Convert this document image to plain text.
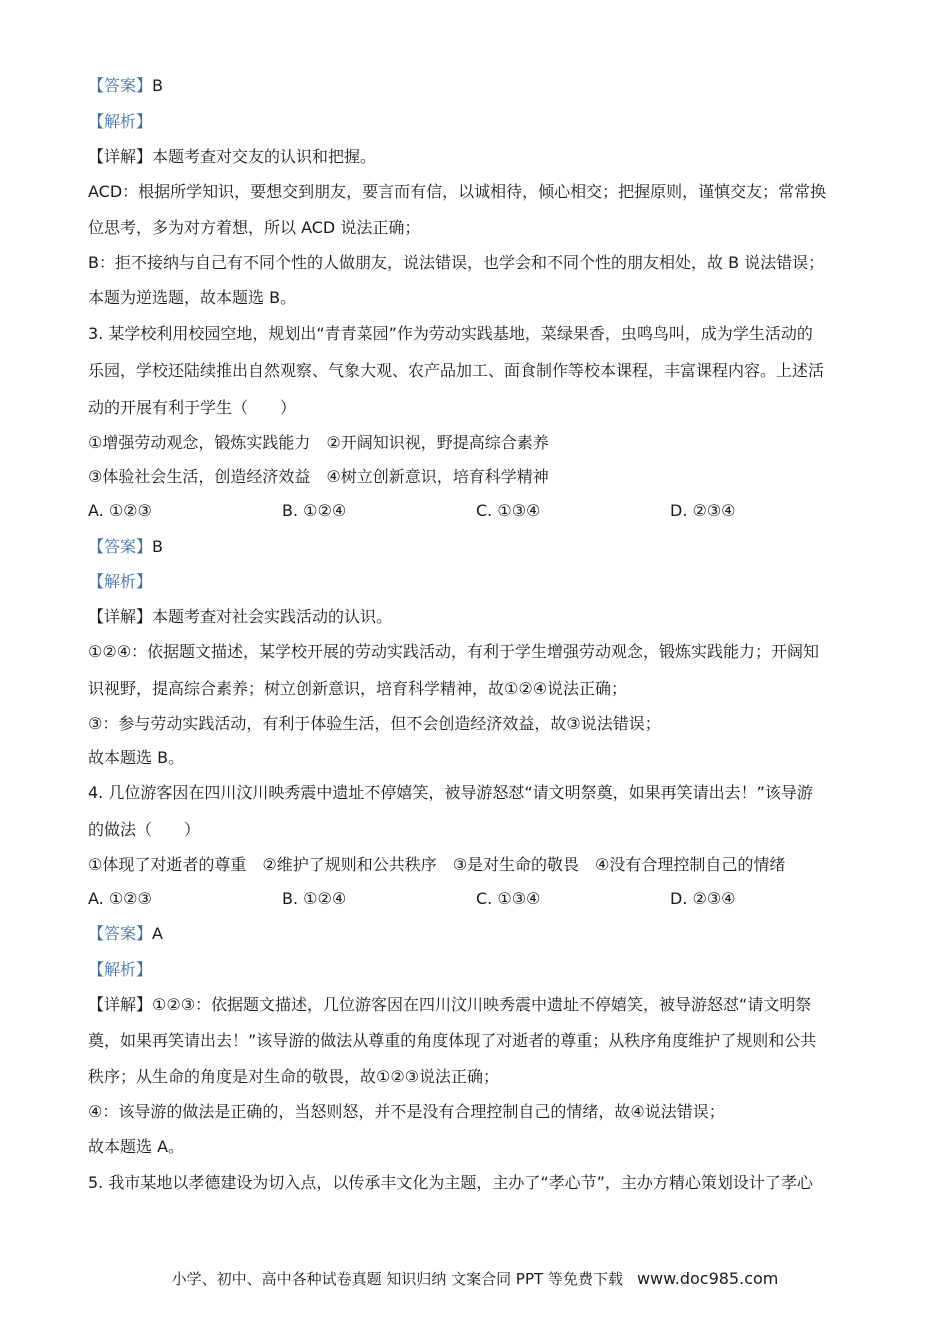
【答案】B
【解析】
【详解】本题考查对交友的认识和把握。
ACD：根据所学知识，要想交到朋友，要言而有信，以诚相待，倾心相交；把握原则，谨慎交友；常常换
位思考，多为对方着想，所以 ACD 说法正确；
B：拒不接纳与自己有不同个性的人做朋友，说法错误，也学会和不同个性的朋友相处，故 B 说法错误；
本题为逆选题，故本题选 B。
3. 某学校利用校园空地，规划出“青青菜园”作为劳动实践基地，菜绿果香，虫鸣鸟叫，成为学生活动的
乐园，学校还陆续推出自然观察、气象大观、农产品加工、面食制作等校本课程，丰富课程内容。上述活
动的开展有利于学生（　　）
①增强劳动观念，锻炼实践能力　②开阔知识视，野提高综合素养
③体验社会生活，创造经济效益　④树立创新意识，培育科学精神
A. ①②③	B. ①②④	C. ①③④	D. ②③④
【答案】B
【解析】
【详解】本题考查对社会实践活动的认识。
①②④：依据题文描述，某学校开展的劳动实践活动，有利于学生增强劳动观念，锻炼实践能力；开阔知
识视野，提高综合素养；树立创新意识，培育科学精神，故①②④说法正确；
③：参与劳动实践活动，有利于体验生活，但不会创造经济效益，故③说法错误；
故本题选 B。
4. 几位游客因在四川汶川映秀震中遗址不停嬉笑，被导游怒怼“请文明祭奠，如果再笑请出去！”该导游
的做法（　　）
①体现了对逝者的尊重　②维护了规则和公共秩序　③是对生命的敬畏　④没有合理控制自己的情绪
A. ①②③	B. ①②④	C. ①③④	D. ②③④
【答案】A
【解析】
【详解】①②③：依据题文描述，几位游客因在四川汶川映秀震中遗址不停嬉笑，被导游怒怼“请文明祭
奠，如果再笑请出去！”该导游的做法从尊重的角度体现了对逝者的尊重；从秩序角度维护了规则和公共
秩序；从生命的角度是对生命的敬畏，故①②③说法正确；
④：该导游的做法是正确的，当怒则怒，并不是没有合理控制自己的情绪，故④说法错误；
故本题选 A。
5. 我市某地以孝德建设为切入点，以传承丰文化为主题，主办了“孝心节”，主办方精心策划设计了孝心
小学、初中、高中各种试卷真题 知识归纳 文案合同 PPT 等免费下载 www.doc985.com
